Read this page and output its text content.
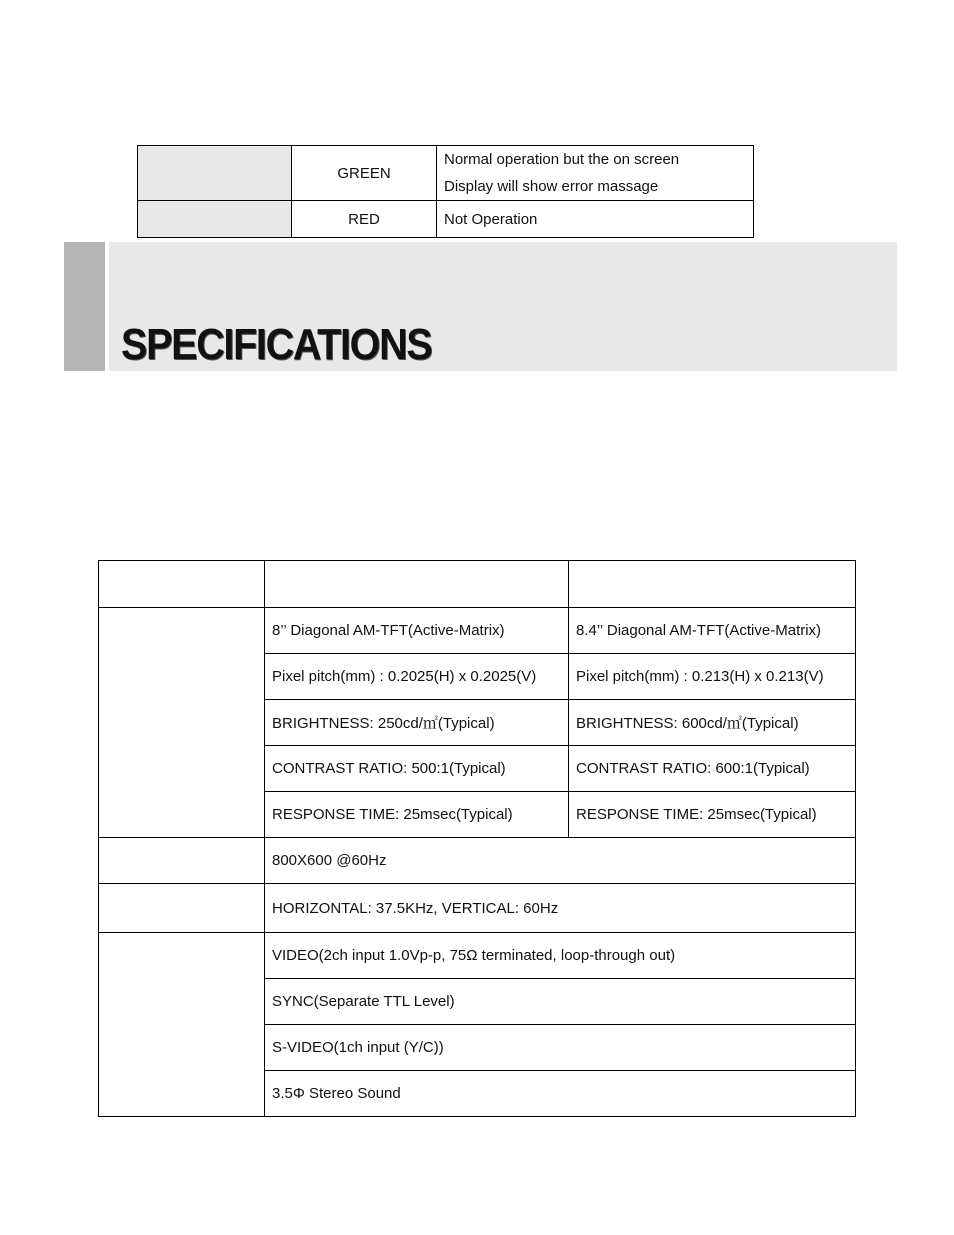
	GREEN	Normal operation but the on screen
Display will show error massage

	RED	Not Operation
SPECIFICATIONS

	8’’ Diagonal AM-TFT(Active-Matrix)	8.4’’ Diagonal AM-TFT(Active-Matrix)
	Pixel pitch(mm) : 0.2025(H) x 0.2025(V)	Pixel pitch(mm) : 0.213(H) x 0.213(V)
	BRIGHTNESS: 250cd/㎡(Typical)	BRIGHTNESS: 600cd/㎡(Typical)
	CONTRAST RATIO: 500:1(Typical)	CONTRAST RATIO: 600:1(Typical)
	RESPONSE TIME: 25msec(Typical)	RESPONSE TIME: 25msec(Typical)
	800X600 @60Hz	
	HORIZONTAL: 37.5KHz, VERTICAL: 60Hz	
	VIDEO(2ch input 1.0Vp-p, 75Ω terminated, loop-through out)	
	SYNC(Separate TTL Level)	
	S-VIDEO(1ch input (Y/C))	
	3.5Φ Stereo Sound	
